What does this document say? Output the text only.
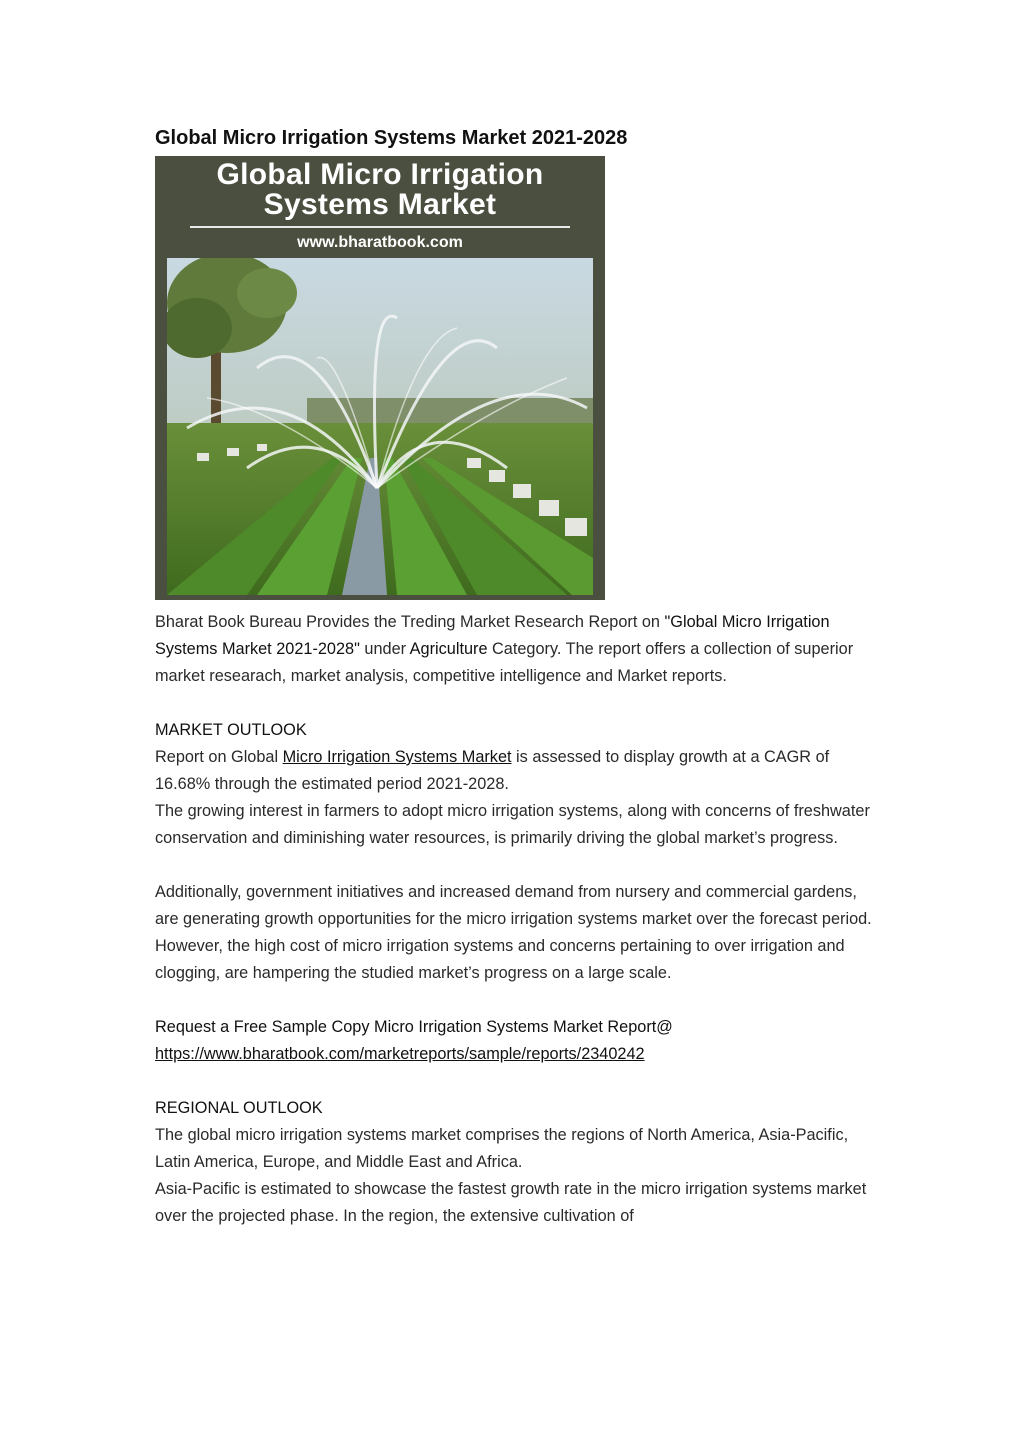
Global Micro Irrigation Systems Market 2021-2028
Global Micro Irrigation
Systems Market
www.bharatbook.com

Bharat Book Bureau Provides the Treding Market Research Report on "Global Micro Irrigation Systems Market 2021-2028" under Agriculture Category. The report offers a collection of superior market researach, market analysis, competitive intelligence and Market reports.

MARKET OUTLOOK

Report on Global Micro Irrigation Systems Market is assessed to display growth at a CAGR of 16.68% through the estimated period 2021-2028.

The growing interest in farmers to adopt micro irrigation systems, along with concerns of freshwater conservation and diminishing water resources, is primarily driving the global market’s progress.

Additionally, government initiatives and increased demand from nursery and commercial gardens, are generating growth opportunities for the micro irrigation systems market over the forecast period.

However, the high cost of micro irrigation systems and concerns pertaining to over irrigation and clogging, are hampering the studied market’s progress on a large scale.

Request a Free Sample Copy Micro Irrigation Systems Market Report@

https://www.bharatbook.com/marketreports/sample/reports/2340242

REGIONAL OUTLOOK

The global micro irrigation systems market comprises the regions of North America, Asia-Pacific, Latin America, Europe, and Middle East and Africa.

Asia-Pacific is estimated to showcase the fastest growth rate in the micro irrigation systems market over the projected phase. In the region, the extensive cultivation of
